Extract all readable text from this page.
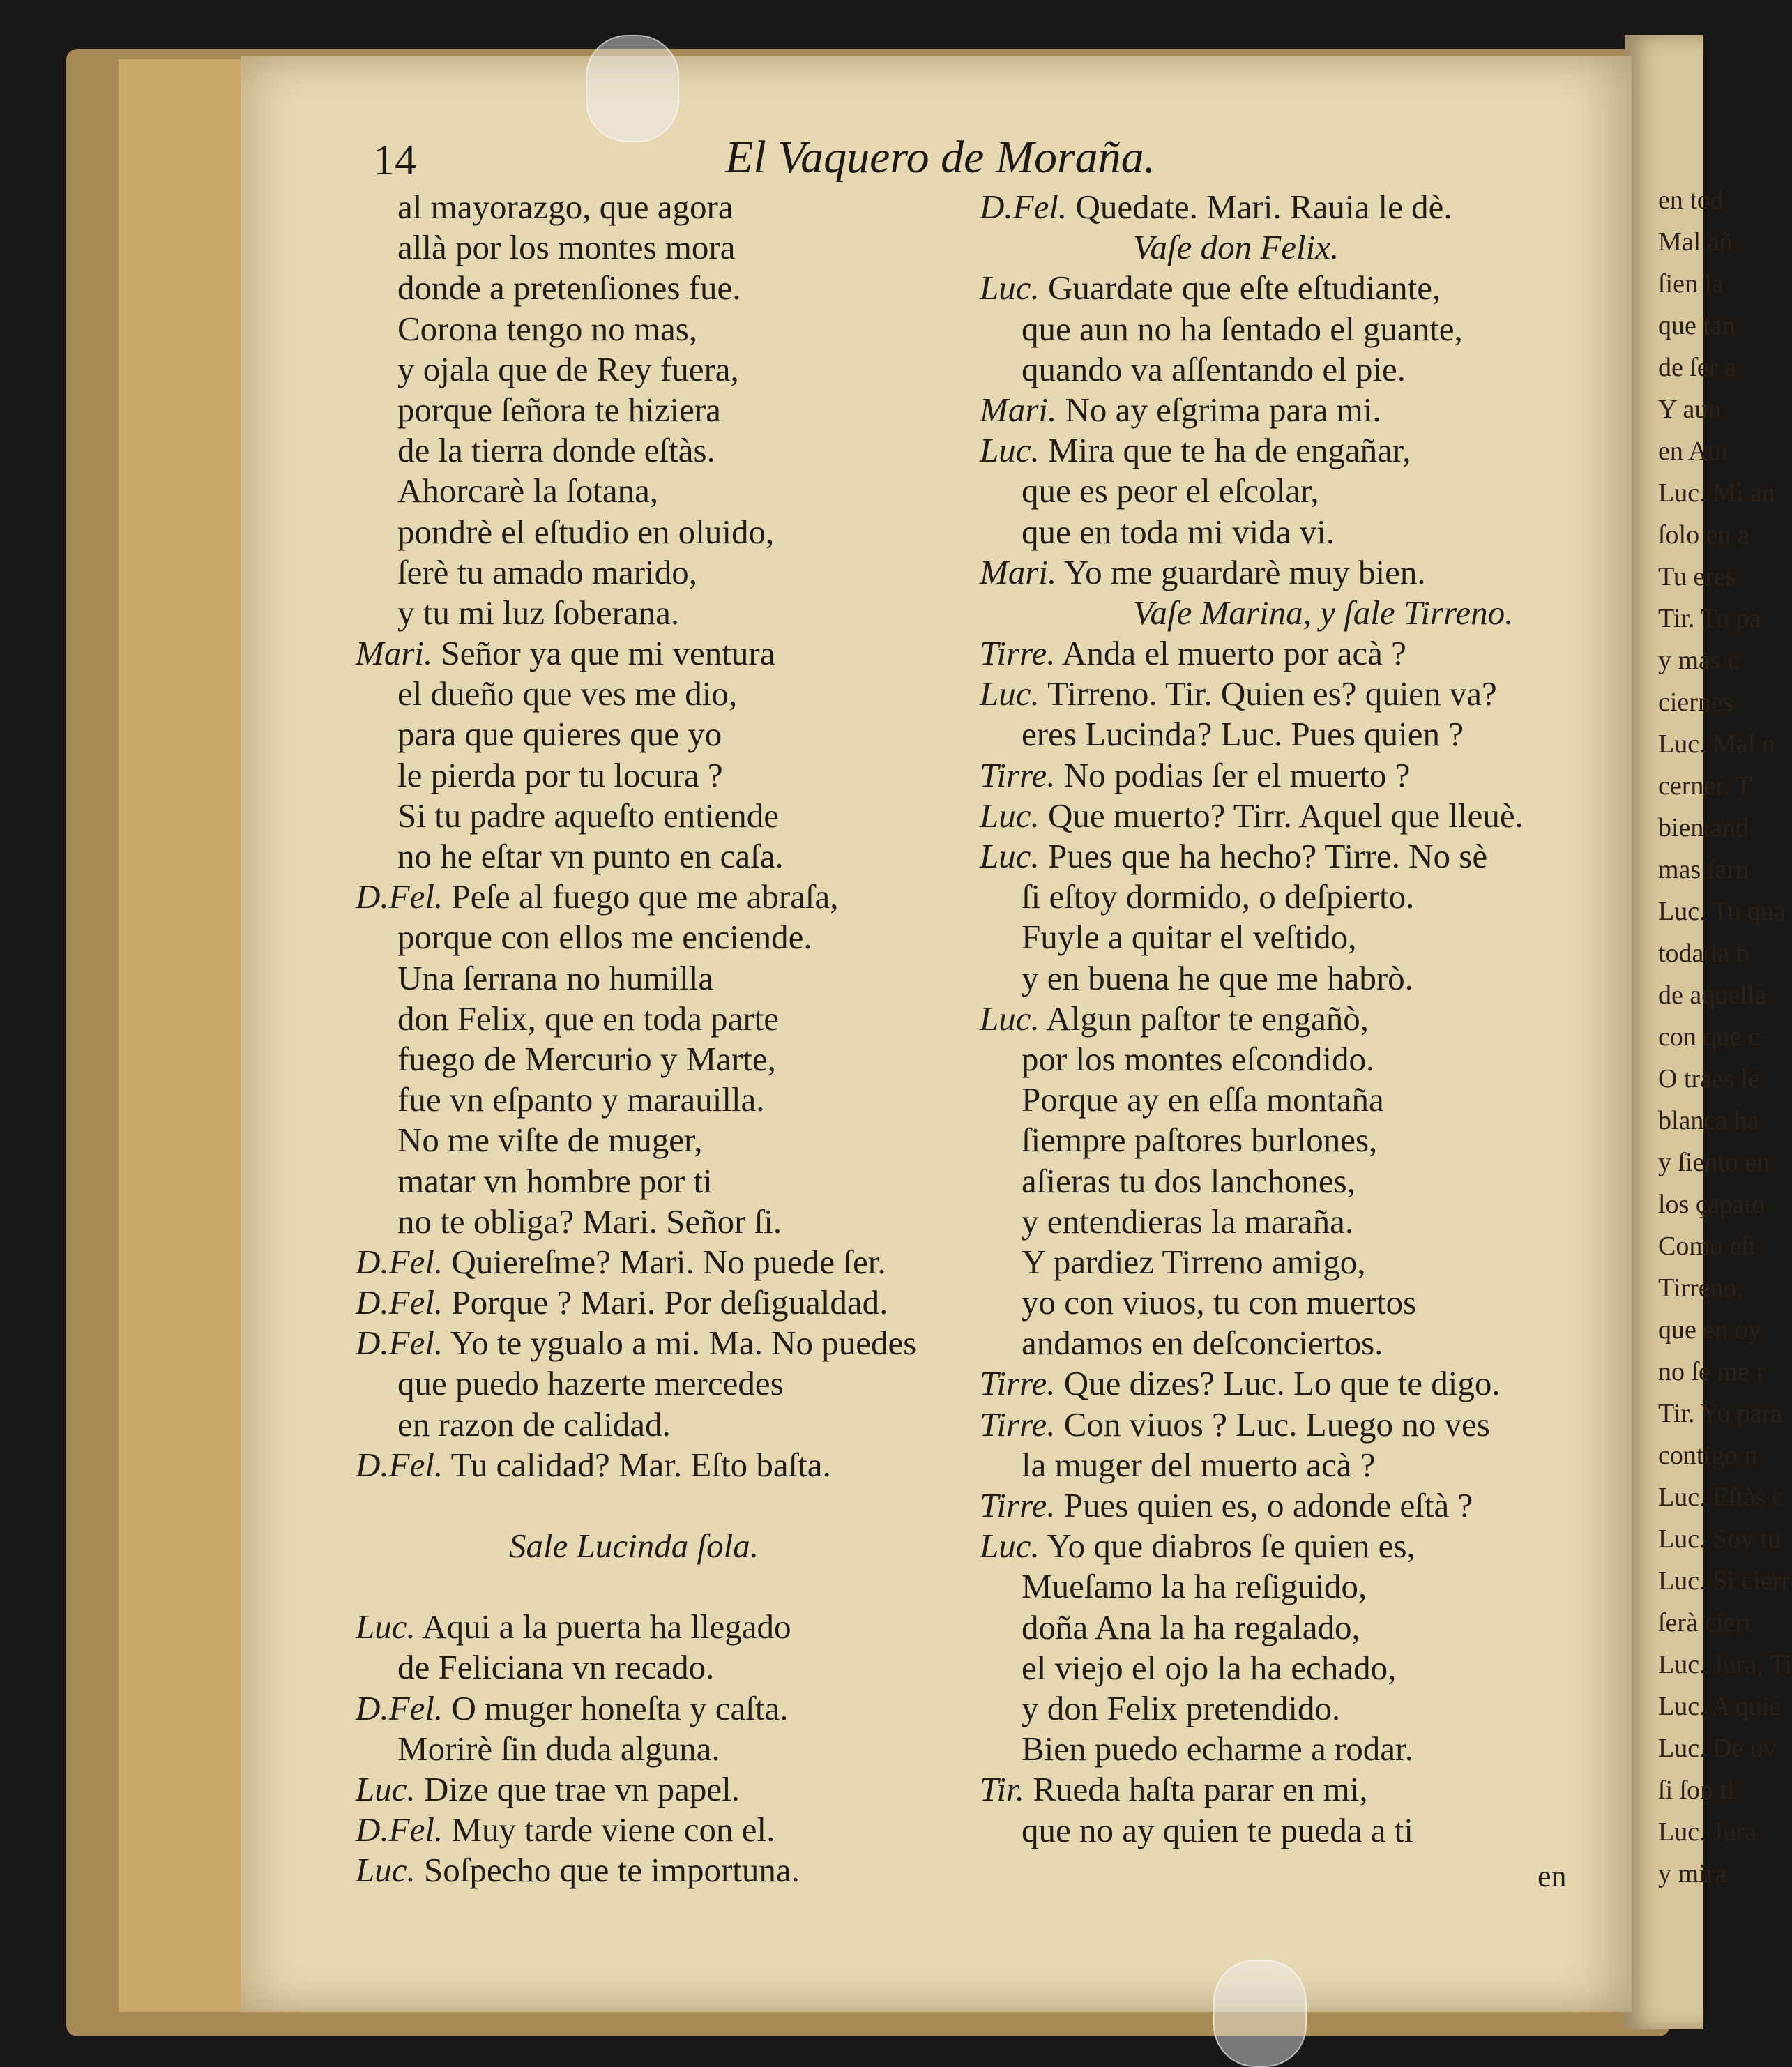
en tod
Mal añ
ſien la
que tan
de ſer a
Y aun
en Aui
Luc. Mi an
ſolo en a
Tu eres
Tir. Tu pa
y mas c
ciernes
Luc. Mal n
cerner. T
bien and
mas ſarn
Luc. Tu qua
toda la b
de aquella
con que c
O traes le
blanca ha
y ſiento en
los çapato
Como eſt
Tirreno,
que en oy
no ſe me r
Tir. Yo para
contigo n
Luc. Eſtàs c
Luc. Soy tu
Luc. Si cierr
ſerà ciert
Luc. Jura, Ti
Luc. A quie
Luc. De ov
ſi ſon ti
Luc. Jura
y mira
14	El Vaquero de Moraña.
al mayorazgo, que agora
allà por los montes mora
donde a pretenſiones fue.
Corona tengo no mas,
y ojala que de Rey fuera,
porque ſeñora te hiziera
de la tierra donde eſtàs.
Ahorcarè la ſotana,
pondrè el eſtudio en oluido,
ſerè tu amado marido,
y tu mi luz ſoberana.
Mari. Señor ya que mi ventura
el dueño que ves me dio,
para que quieres que yo
le pierda por tu locura ?
Si tu padre aqueſto entiende
no he eſtar vn punto en caſa.
D.Fel. Peſe al fuego que me abraſa,
porque con ellos me enciende.
Una ſerrana no humilla
don Felix, que en toda parte
fuego de Mercurio y Marte,
fue vn eſpanto y marauilla.
No me viſte de muger,
matar vn hombre por ti
no te obliga? Mari. Señor ſi.
D.Fel. Quiereſme? Mari. No puede ſer.
D.Fel. Porque ? Mari. Por deſigualdad.
D.Fel. Yo te ygualo a mi. Ma. No puedes
que puedo hazerte mercedes
en razon de calidad.
D.Fel. Tu calidad? Mar. Eſto baſta.
Sale Lucinda ſola.
Luc. Aqui a la puerta ha llegado
de Feliciana vn recado.
D.Fel. O muger honeſta y caſta.
Morirè ſin duda alguna.
Luc. Dize que trae vn papel.
D.Fel. Muy tarde viene con el.
Luc. Soſpecho que te importuna.
D.Fel. Quedate. Mari. Rauia le dè.
Vaſe don Felix.
Luc. Guardate que eſte eſtudiante,
que aun no ha ſentado el guante,
quando va aſſentando el pie.
Mari. No ay eſgrima para mi.
Luc. Mira que te ha de engañar,
que es peor el eſcolar,
que en toda mi vida vi.
Mari. Yo me guardarè muy bien.
Vaſe Marina, y ſale Tirreno.
Tirre. Anda el muerto por acà ?
Luc. Tirreno. Tir. Quien es? quien va?
eres Lucinda? Luc. Pues quien ?
Tirre. No podias ſer el muerto ?
Luc. Que muerto? Tirr. Aquel que lleuè.
Luc. Pues que ha hecho? Tirre. No sè
ſi eſtoy dormido, o deſpierto.
Fuyle a quitar el veſtido,
y en buena he que me habrò.
Luc. Algun paſtor te engañò,
por los montes eſcondido.
Porque ay en eſſa montaña
ſiempre paſtores burlones,
aſieras tu dos lanchones,
y entendieras la maraña.
Y pardiez Tirreno amigo,
yo con viuos, tu con muertos
andamos en deſconciertos.
Tirre. Que dizes? Luc. Lo que te digo.
Tirre. Con viuos ? Luc. Luego no ves
la muger del muerto acà ?
Tirre. Pues quien es, o adonde eſtà ?
Luc. Yo que diabros ſe quien es,
Mueſamo la ha reſiguido,
doña Ana la ha regalado,
el viejo el ojo la ha echado,
y don Felix pretendido.
Bien puedo echarme a rodar.
Tir. Rueda haſta parar en mi,
que no ay quien te pueda a ti
en
